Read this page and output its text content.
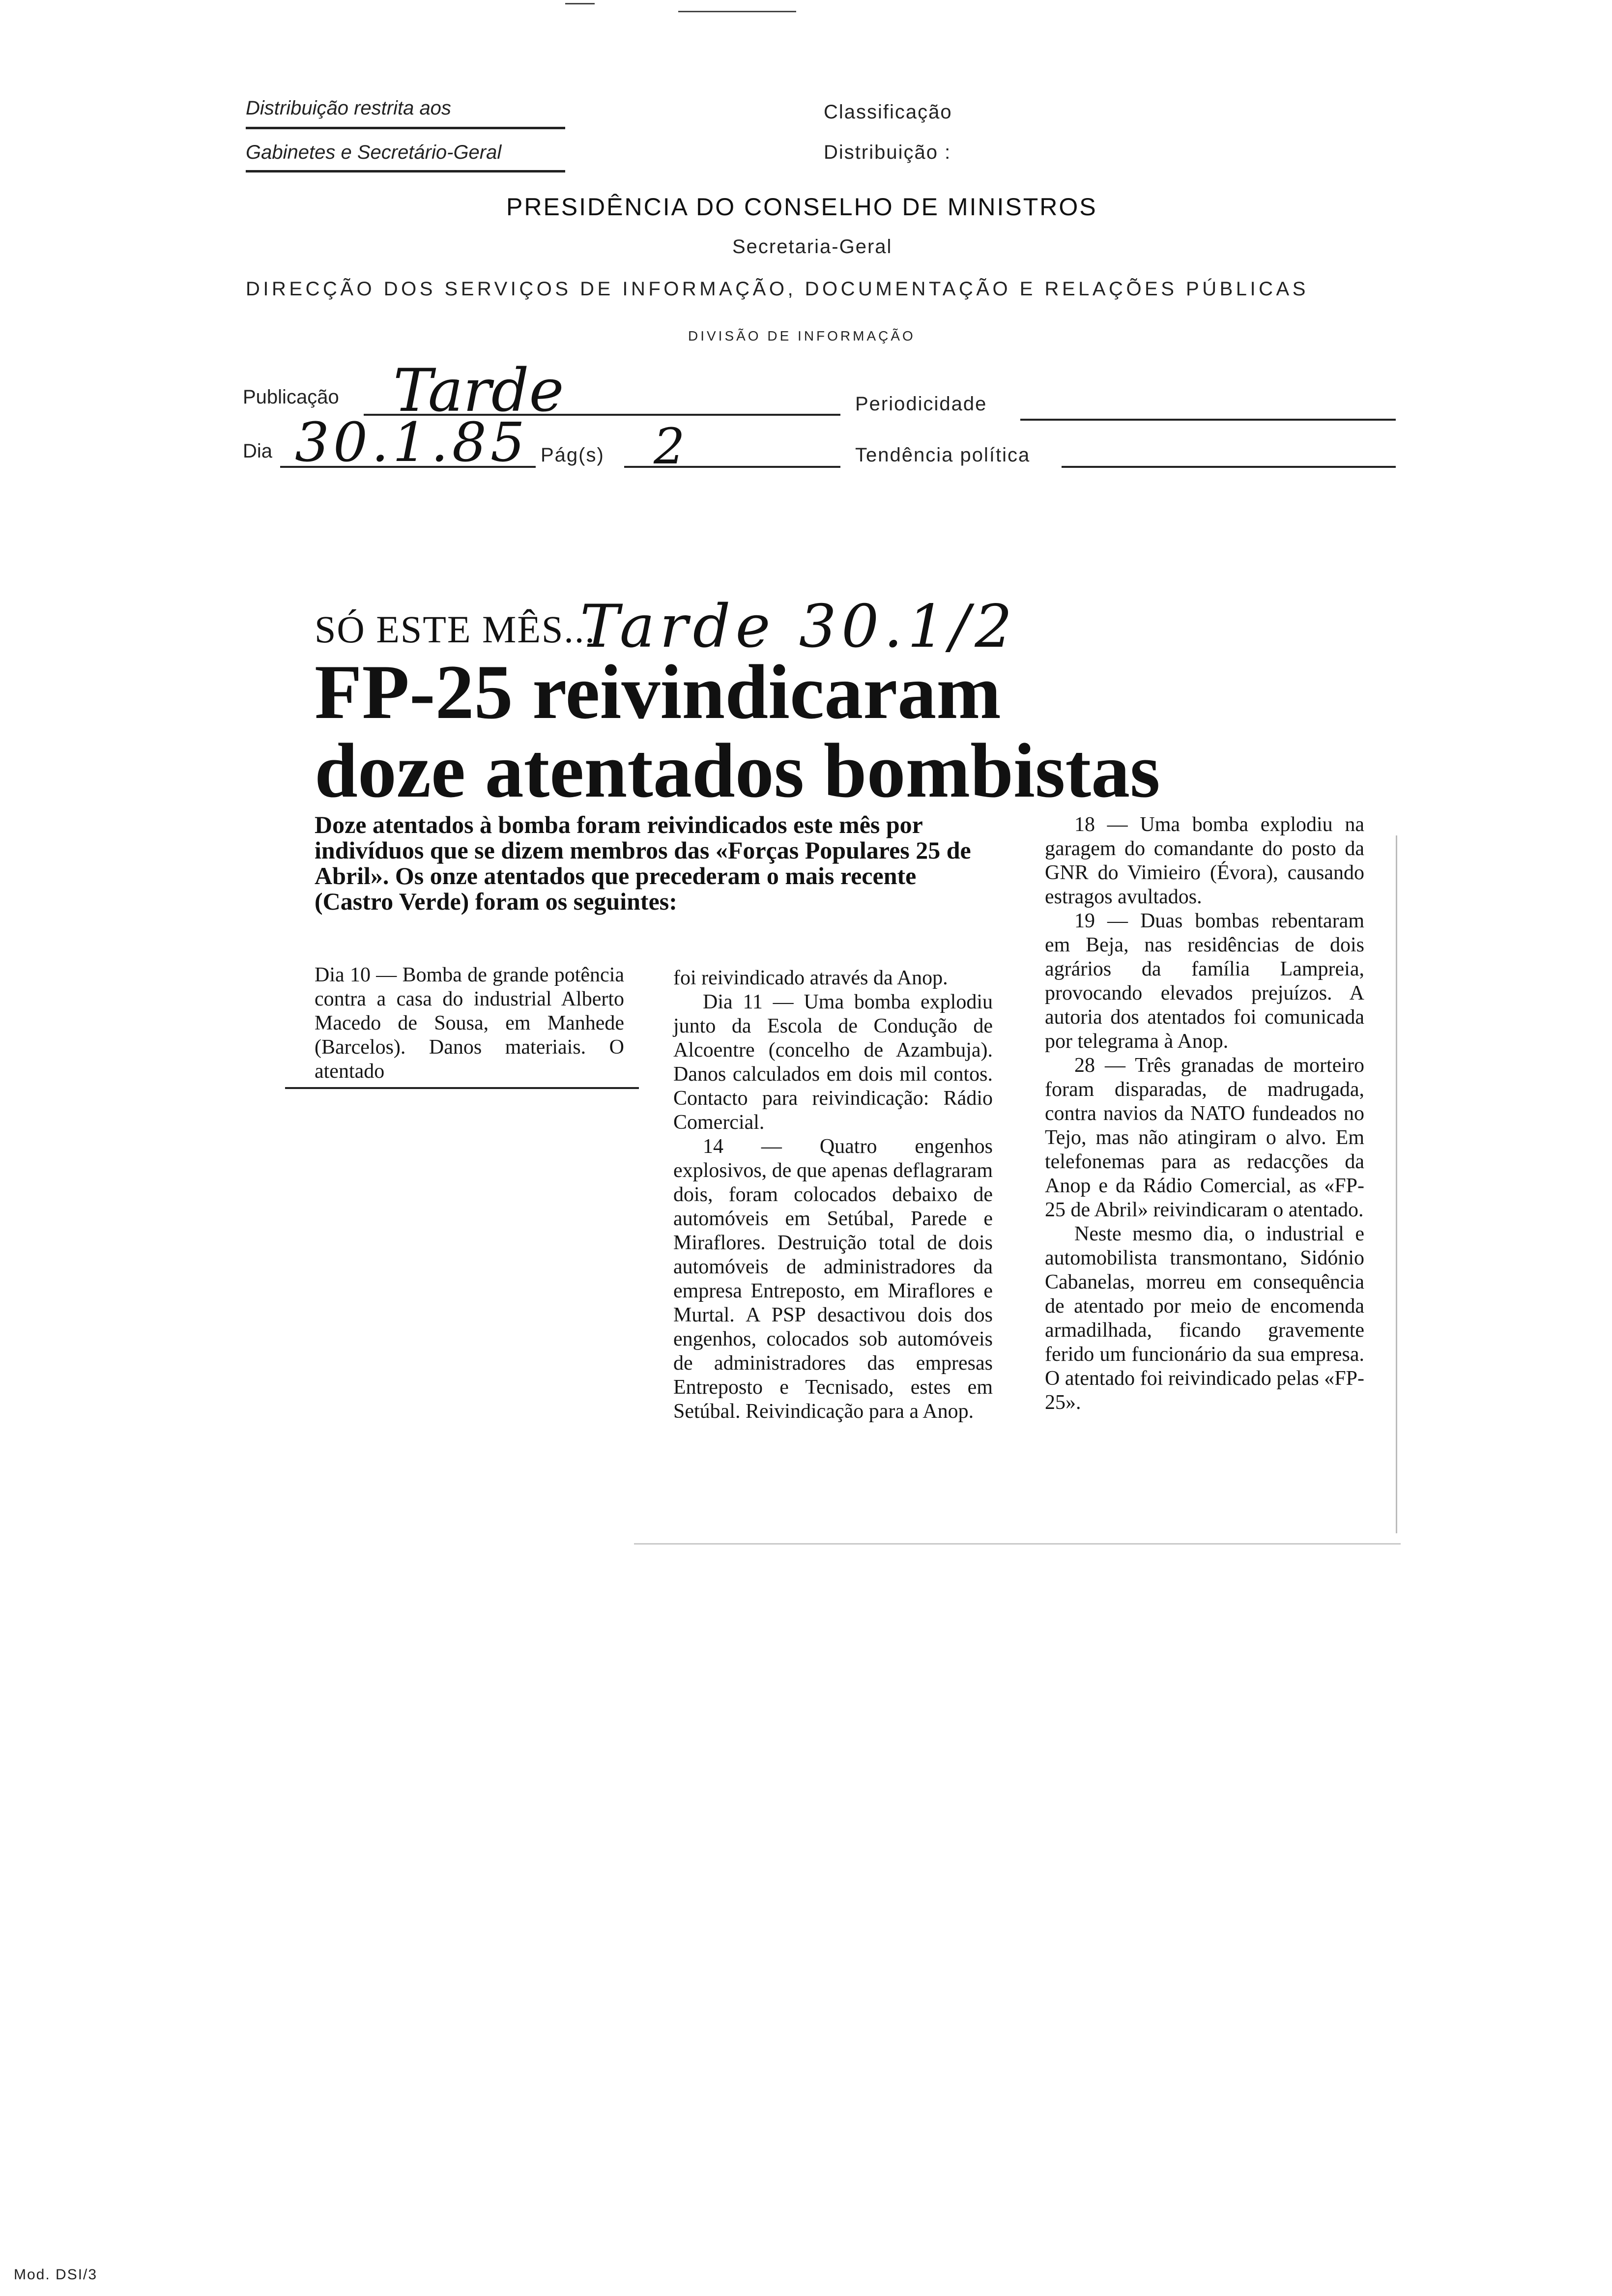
Distribuição restrita aos
Gabinetes e Secretário-Geral
Classificação
Distribuição :
PRESIDÊNCIA DO CONSELHO DE MINISTROS
Secretaria-Geral
DIRECÇÃO DOS SERVIÇOS DE INFORMAÇÃO, DOCUMENTAÇÃO E RELAÇÕES PÚBLICAS
DIVISÃO DE INFORMAÇÃO
Publicação Tarde	Periodicidade
Dia 30.1.85 Pág(s) 2	Tendência política
SÓ ESTE MÊS...
Tarde 30.1/2
FP-25 reivindicaram
doze atentados bombistas
Doze atentados à bomba foram reivindicados este mês por indivíduos que se dizem membros das «Forças Populares 25 de Abril». Os onze atentados que precederam o mais recente (Castro Verde) foram os seguintes:

Dia 10 — Bomba de grande potência contra a casa do industrial Alberto Macedo de Sousa, em Manhede (Barcelos). Danos materiais. O atentado

foi reivindicado através da Anop.

Dia 11 — Uma bomba explodiu junto da Escola de Condução de Alcoentre (concelho de Azambuja). Danos calculados em dois mil contos. Contacto para reivindicação: Rádio Comercial.

14 — Quatro engenhos explosivos, de que apenas deflagraram dois, foram colocados debaixo de automóveis em Setúbal, Parede e Miraflores. Destruição total de dois automóveis de administradores da empresa Entreposto, em Miraflores e Murtal. A PSP desactivou dois dos engenhos, colocados sob automóveis de administradores das empresas Entreposto e Tecnisado, estes em Setúbal. Reivindicação para a Anop.

18 — Uma bomba explodiu na garagem do comandante do posto da GNR do Vimieiro (Évora), causando estragos avultados.

19 — Duas bombas rebentaram em Beja, nas residências de dois agrários da família Lampreia, provocando elevados prejuízos. A autoria dos atentados foi comunicada por telegrama à Anop.

28 — Três granadas de morteiro foram disparadas, de madrugada, contra navios da NATO fundeados no Tejo, mas não atingiram o alvo. Em telefonemas para as redacções da Anop e da Rádio Comercial, as «FP-25 de Abril» reivindicaram o atentado.

Neste mesmo dia, o industrial e automobilista transmontano, Sidónio Cabanelas, morreu em consequência de atentado por meio de encomenda armadilhada, ficando gravemente ferido um funcionário da sua empresa. O atentado foi reivindicado pelas «FP-25».

Mod. DSI/3
